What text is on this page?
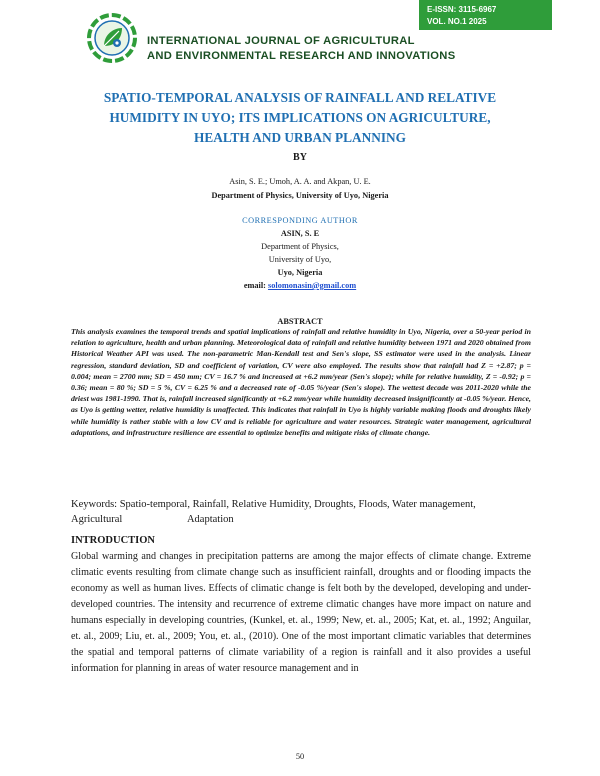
E-ISSN: 3115-6967
VOL. NO.1 2025
INTERNATIONAL JOURNAL OF AGRICULTURAL
AND ENVIRONMENTAL RESEARCH AND INNOVATIONS
SPATIO-TEMPORAL ANALYSIS OF RAINFALL AND RELATIVE
HUMIDITY IN UYO; ITS IMPLICATIONS ON AGRICULTURE,
HEALTH AND URBAN PLANNING
BY
Asin, S. E.; Umoh, A. A. and Akpan, U. E.
Department of Physics, University of Uyo, Nigeria
CORRESPONDING AUTHOR
ASIN, S. E
Department of Physics,
University of Uyo,
Uyo, Nigeria
email: solomonasin@gmail.com
ABSTRACT
This analysis examines the temporal trends and spatial implications of rainfall and relative humidity in Uyo, Nigeria, over a 50-year period in relation to agriculture, health and urban planning. Meteorological data of rainfall and relative humidity between 1971 and 2020 obtained from Historical Weather API was used. The non-parametric Man-Kendall test and Sen's slope, SS estimator were used in the analysis. Linear regression, standard deviation, SD and coefficient of variation, CV were also employed. The results show that rainfall had Z = +2.87; p = 0.004; mean = 2700 mm; SD = 450 mm; CV = 16.7 % and increased at +6.2 mm/year (Sen's slope); while for relative humidity, Z = -0.92; p = 0.36; mean = 80 %; SD = 5 %, CV = 6.25 % and a decreased rate of -0.05 %/year (Sen's slope). The wettest decade was 2011-2020 while the driest was 1981-1990. That is, rainfall increased significantly at +6.2 mm/year while humidity decreased insignificantly at -0.05 %/year. Hence, as Uyo is getting wetter, relative humidity is unaffected. This indicates that rainfall in Uyo is highly variable making floods and droughts likely while humidity is rather stable with a low CV and is reliable for agriculture and water resources. Strategic water management, agricultural adaptations, and infrastructure resilience are essential to optimize benefits and mitigate risks of climate change.
Keywords: Spatio-temporal, Rainfall, Relative Humidity, Droughts, Floods, Water management,
Agricultural	Adaptation
INTRODUCTION
Global warming and changes in precipitation patterns are among the major effects of climate change. Extreme climatic events resulting from climate change such as insufficient rainfall, droughts and or flooding impacts the economy as well as human lives. Effects of climatic change is felt both by the developed, developing and under-developed countries. The intensity and recurrence of extreme climatic changes have more impact on nature and humans especially in developing countries, (Kunkel, et. al., 1999; New, et. al., 2005; Kat, et. al., 1992; Anguilar, et. al., 2009; Liu, et. al., 2009; You, et. al., (2010). One of the most important climatic variables that determines the spatial and temporal patterns of climate variability of a region is rainfall and it also provides a useful information for planning in areas of water resource management and in
50
